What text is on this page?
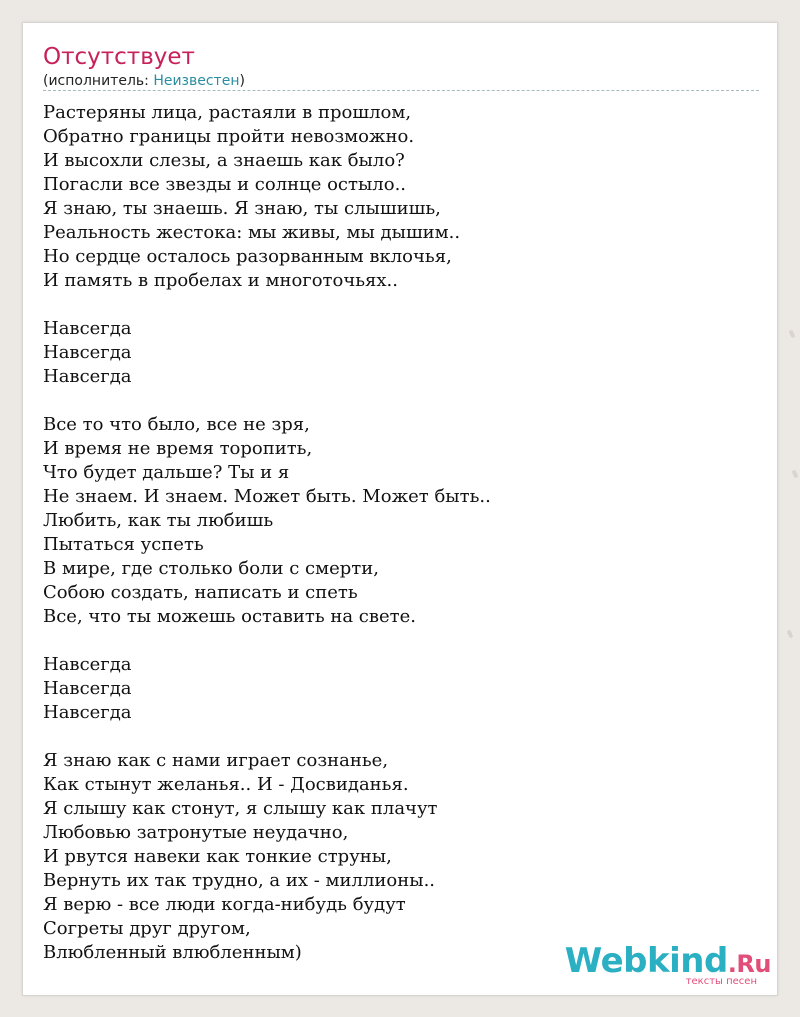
Отсутствует
(исполнитель: Неизвестен)
Растеряны лица, растаяли в прошлом,
Обратно границы пройти невозможно.
И высохли слезы, а знаешь как было?
Погасли все звезды и солнце остыло..
Я знаю, ты знаешь. Я знаю, ты слышишь,
Реальность жестока: мы живы, мы дышим..
Но сердце осталось разорванным вклочья,
И память в пробелах и многоточьях..
Навсегда
Навсегда
Навсегда
Все то что было, все не зря,
И время не время торопить,
Что будет дальше? Ты и я
Не знаем. И знаем. Может быть. Может быть..
Любить, как ты любишь
Пытаться успеть
В мире, где столько боли с смерти,
Собою создать, написать и спеть
Все, что ты можешь оставить на свете.
Навсегда
Навсегда
Навсегда
Я знаю как с нами играет сознанье,
Как стынут желанья.. И - Досвиданья.
Я слышу как стонут, я слышу как плачут
Любовью затронутые неудачно,
И рвутся навеки как тонкие струны,
Вернуть их так трудно, а их - миллионы..
Я верю - все люди когда-нибудь будут
Согреты друг другом,
Влюбленный влюбленным)	Webkind.Ru
тексты песен
